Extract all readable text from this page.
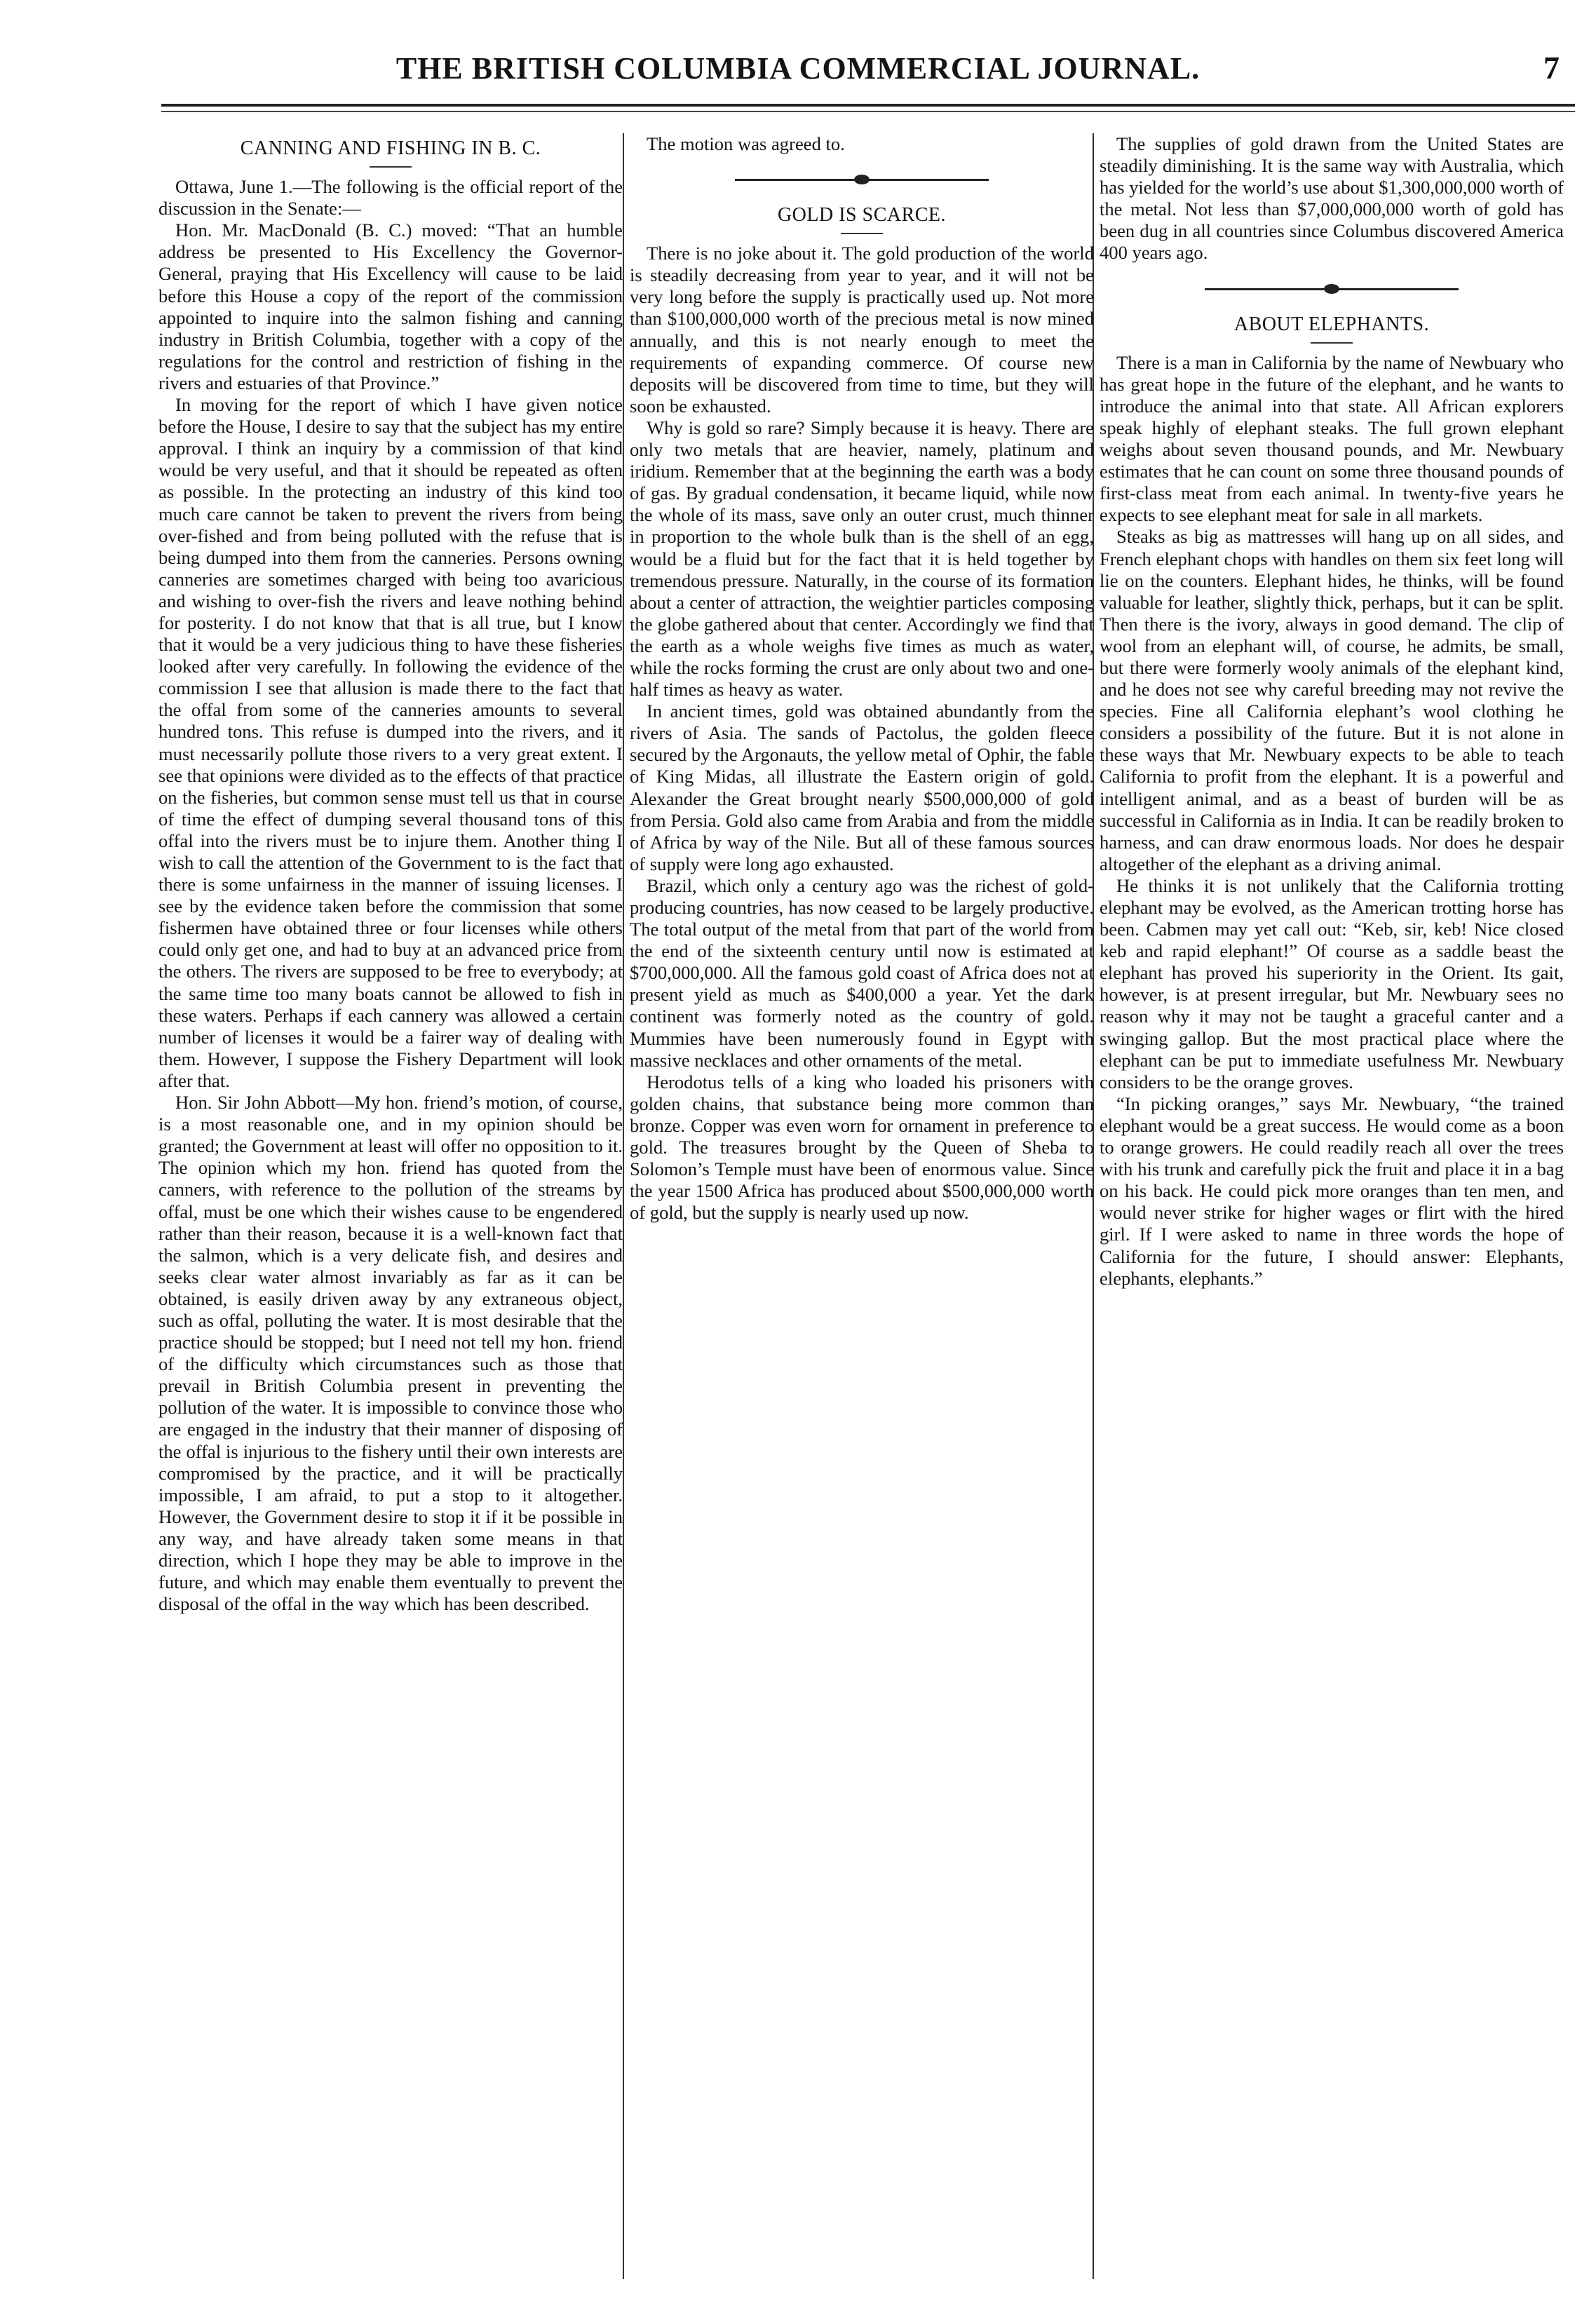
THE BRITISH COLUMBIA COMMERCIAL JOURNAL.	7
CANNING AND FISHING IN B. C.

Ottawa, June 1.—The following is the official report of the discussion in the Senate:—

Hon. Mr. MacDonald (B. C.) moved: “That an humble address be presented to His Excellency the Governor-General, praying that His Excellency will cause to be laid before this House a copy of the report of the commission appointed to inquire into the salmon fishing and canning industry in British Columbia, together with a copy of the regulations for the control and restriction of fishing in the rivers and estuaries of that Province.”

In moving for the report of which I have given notice before the House, I desire to say that the subject has my entire approval. I think an inquiry by a commission of that kind would be very useful, and that it should be repeated as often as possible. In the protecting an industry of this kind too much care cannot be taken to prevent the rivers from being over-fished and from being polluted with the refuse that is being dumped into them from the canneries. Persons owning canneries are sometimes charged with being too avaricious and wishing to over-fish the rivers and leave nothing behind for posterity. I do not know that that is all true, but I know that it would be a very judicious thing to have these fisheries looked after very carefully. In following the evidence of the commission I see that allusion is made there to the fact that the offal from some of the canneries amounts to several hundred tons. This refuse is dumped into the rivers, and it must necessarily pollute those rivers to a very great extent. I see that opinions were divided as to the effects of that practice on the fisheries, but common sense must tell us that in course of time the effect of dumping several thousand tons of this offal into the rivers must be to injure them. Another thing I wish to call the attention of the Government to is the fact that there is some unfairness in the manner of issuing licenses. I see by the evidence taken before the commission that some fishermen have obtained three or four licenses while others could only get one, and had to buy at an advanced price from the others. The rivers are supposed to be free to everybody; at the same time too many boats cannot be allowed to fish in these waters. Perhaps if each cannery was allowed a certain number of licenses it would be a fairer way of dealing with them. However, I suppose the Fishery Department will look after that.

Hon. Sir John Abbott—My hon. friend’s motion, of course, is a most reasonable one, and in my opinion should be granted; the Government at least will offer no opposition to it. The opinion which my hon. friend has quoted from the canners, with reference to the pollution of the streams by offal, must be one which their wishes cause to be engendered rather than their reason, because it is a well-known fact that the salmon, which is a very delicate fish, and desires and seeks clear water almost invariably as far as it can be obtained, is easily driven away by any extraneous object, such as offal, polluting the water. It is most desirable that the practice should be stopped; but I need not tell my hon. friend of the difficulty which circumstances such as those that prevail in British Columbia present in preventing the pollution of the water. It is impossible to convince those who are engaged in the industry that their manner of disposing of the offal is injurious to the fishery until their own interests are compromised by the practice, and it will be practically impossible, I am afraid, to put a stop to it altogether. However, the Government desire to stop it if it be possible in any way, and have already taken some means in that direction, which I hope they may be able to improve in the future, and which may enable them eventually to prevent the disposal of the offal in the way which has been described.

The motion was agreed to.

GOLD IS SCARCE.

There is no joke about it. The gold production of the world is steadily decreasing from year to year, and it will not be very long before the supply is practically used up. Not more than $100,000,000 worth of the precious metal is now mined annually, and this is not nearly enough to meet the requirements of expanding commerce. Of course new deposits will be discovered from time to time, but they will soon be exhausted.

Why is gold so rare? Simply because it is heavy. There are only two metals that are heavier, namely, platinum and iridium. Remember that at the beginning the earth was a body of gas. By gradual condensation, it became liquid, while now the whole of its mass, save only an outer crust, much thinner in proportion to the whole bulk than is the shell of an egg, would be a fluid but for the fact that it is held together by tremendous pressure. Naturally, in the course of its formation about a center of attraction, the weightier particles composing the globe gathered about that center. Accordingly we find that the earth as a whole weighs five times as much as water, while the rocks forming the crust are only about two and one-half times as heavy as water.

In ancient times, gold was obtained abundantly from the rivers of Asia. The sands of Pactolus, the golden fleece secured by the Argonauts, the yellow metal of Ophir, the fable of King Midas, all illustrate the Eastern origin of gold. Alexander the Great brought nearly $500,000,000 of gold from Persia. Gold also came from Arabia and from the middle of Africa by way of the Nile. But all of these famous sources of supply were long ago exhausted.

Brazil, which only a century ago was the richest of gold-producing countries, has now ceased to be largely productive. The total output of the metal from that part of the world from the end of the sixteenth century until now is estimated at $700,000,000. All the famous gold coast of Africa does not at present yield as much as $400,000 a year. Yet the dark continent was formerly noted as the country of gold. Mummies have been numerously found in Egypt with massive necklaces and other ornaments of the metal.

Herodotus tells of a king who loaded his prisoners with golden chains, that substance being more common than bronze. Copper was even worn for ornament in preference to gold. The treasures brought by the Queen of Sheba to Solomon’s Temple must have been of enormous value. Since the year 1500 Africa has produced about $500,000,000 worth of gold, but the supply is nearly used up now.

The supplies of gold drawn from the United States are steadily diminishing. It is the same way with Australia, which has yielded for the world’s use about $1,300,000,000 worth of the metal. Not less than $7,000,000,000 worth of gold has been dug in all countries since Columbus discovered America 400 years ago.

ABOUT ELEPHANTS.

There is a man in California by the name of Newbuary who has great hope in the future of the elephant, and he wants to introduce the animal into that state. All African explorers speak highly of elephant steaks. The full grown elephant weighs about seven thousand pounds, and Mr. Newbuary estimates that he can count on some three thousand pounds of first-class meat from each animal. In twenty-five years he expects to see elephant meat for sale in all markets.

Steaks as big as mattresses will hang up on all sides, and French elephant chops with handles on them six feet long will lie on the counters. Elephant hides, he thinks, will be found valuable for leather, slightly thick, perhaps, but it can be split. Then there is the ivory, always in good demand. The clip of wool from an elephant will, of course, he admits, be small, but there were formerly wooly animals of the elephant kind, and he does not see why careful breeding may not revive the species. Fine all California elephant’s wool clothing he considers a possibility of the future. But it is not alone in these ways that Mr. Newbuary expects to be able to teach California to profit from the elephant. It is a powerful and intelligent animal, and as a beast of burden will be as successful in California as in India. It can be readily broken to harness, and can draw enormous loads. Nor does he despair altogether of the elephant as a driving animal.

He thinks it is not unlikely that the California trotting elephant may be evolved, as the American trotting horse has been. Cabmen may yet call out: “Keb, sir, keb! Nice closed keb and rapid elephant!” Of course as a saddle beast the elephant has proved his superiority in the Orient. Its gait, however, is at present irregular, but Mr. Newbuary sees no reason why it may not be taught a graceful canter and a swinging gallop. But the most practical place where the elephant can be put to immediate usefulness Mr. Newbuary considers to be the orange groves.

“In picking oranges,” says Mr. Newbuary, “the trained elephant would be a great success. He would come as a boon to orange growers. He could readily reach all over the trees with his trunk and carefully pick the fruit and place it in a bag on his back. He could pick more oranges than ten men, and would never strike for higher wages or flirt with the hired girl. If I were asked to name in three words the hope of California for the future, I should answer: Elephants, elephants, elephants.”
